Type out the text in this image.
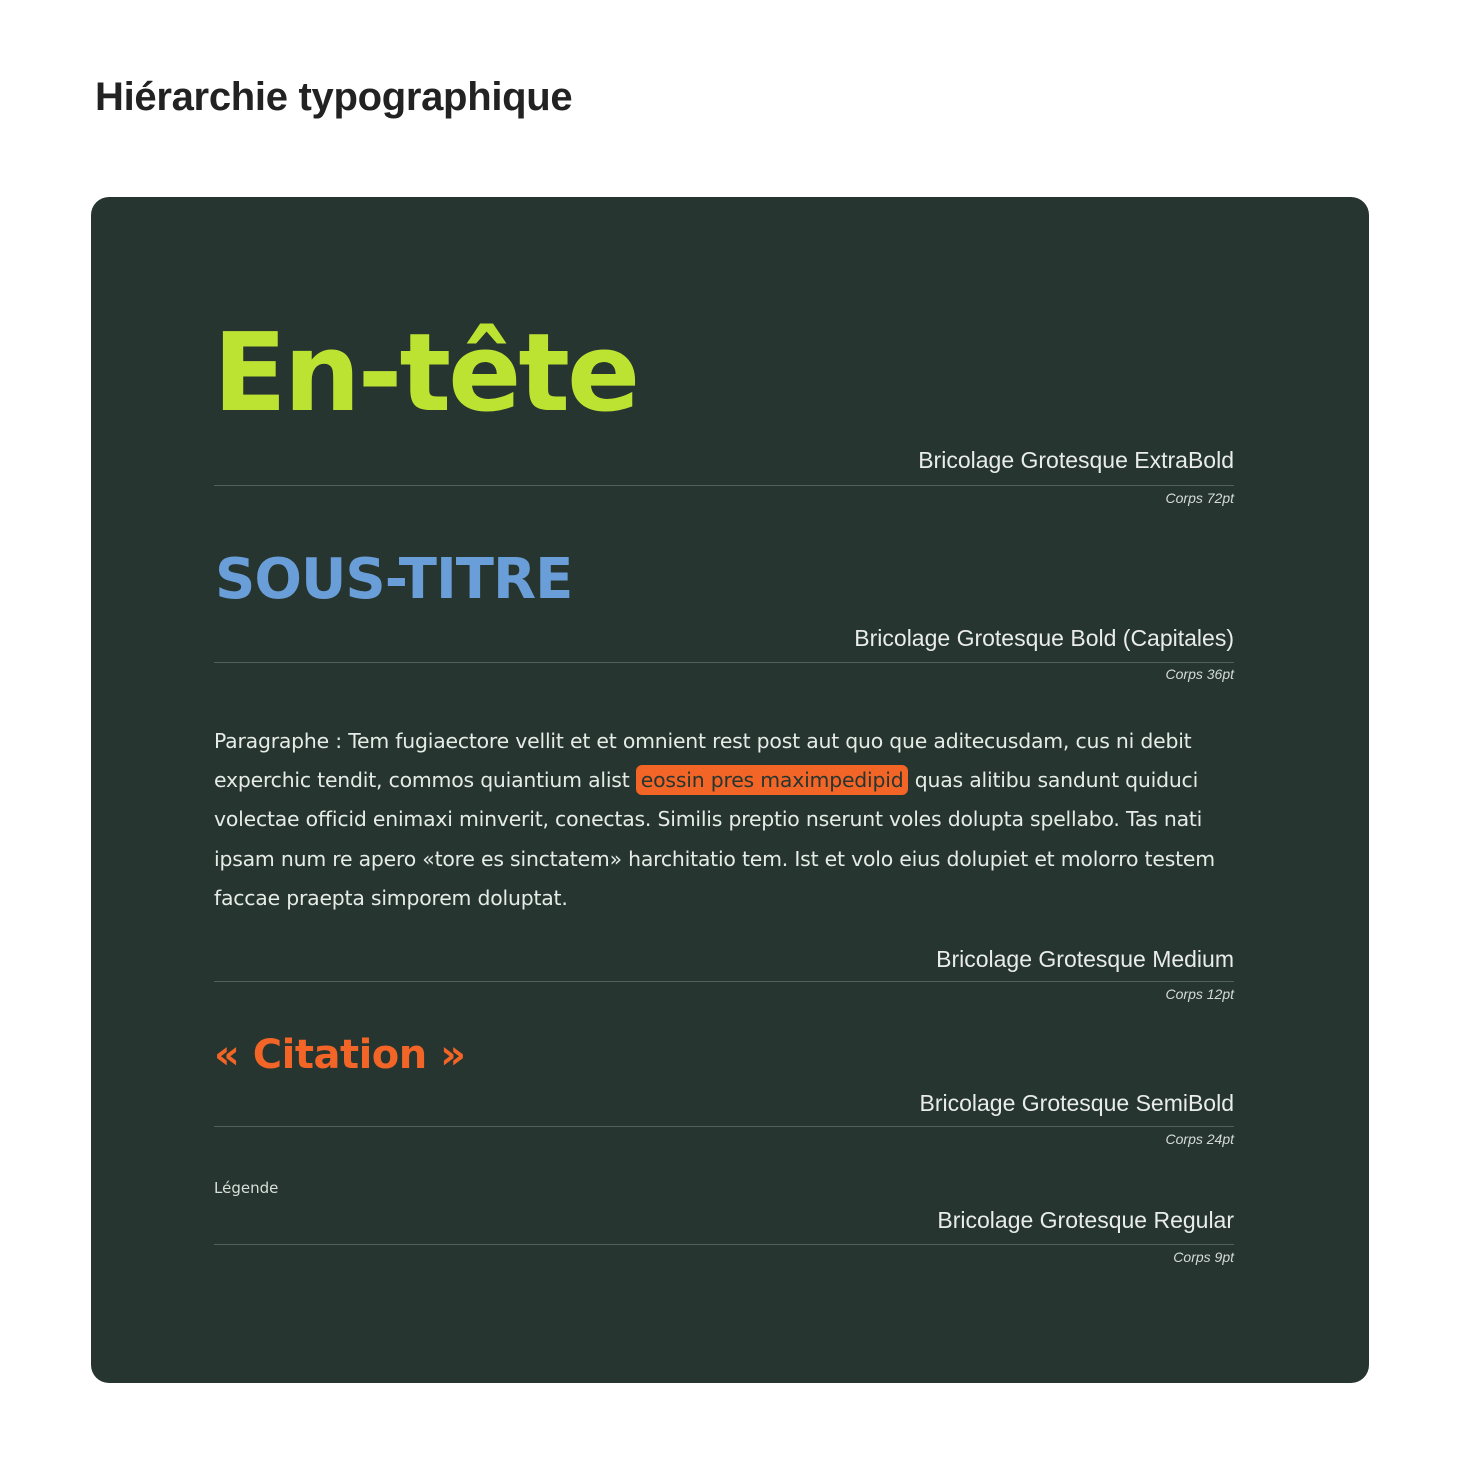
Hiérarchie typographique
En-tête
Bricolage Grotesque ExtraBold
Corps 72pt
SOUS-TITRE
Bricolage Grotesque Bold (Capitales)
Corps 36pt

Paragraphe : Tem fugiaectore vellit et et omnient rest post aut quo que aditecusdam, cus ni debit experchic tendit, commos quiantium alist eossin pres maximpedipid quas alitibu sandunt quiduci volectae officid enimaxi minverit, conectas. Similis preptio nserunt voles dolupta spellabo. Tas nati ipsam num re apero «tore es sinctatem» harchitatio tem. Ist et volo eius dolupiet et molorro testem faccae praepta simporem doluptat.

Bricolage Grotesque Medium
Corps 12pt
« Citation »
Bricolage Grotesque SemiBold
Corps 24pt
Légende
Bricolage Grotesque Regular
Corps 9pt
